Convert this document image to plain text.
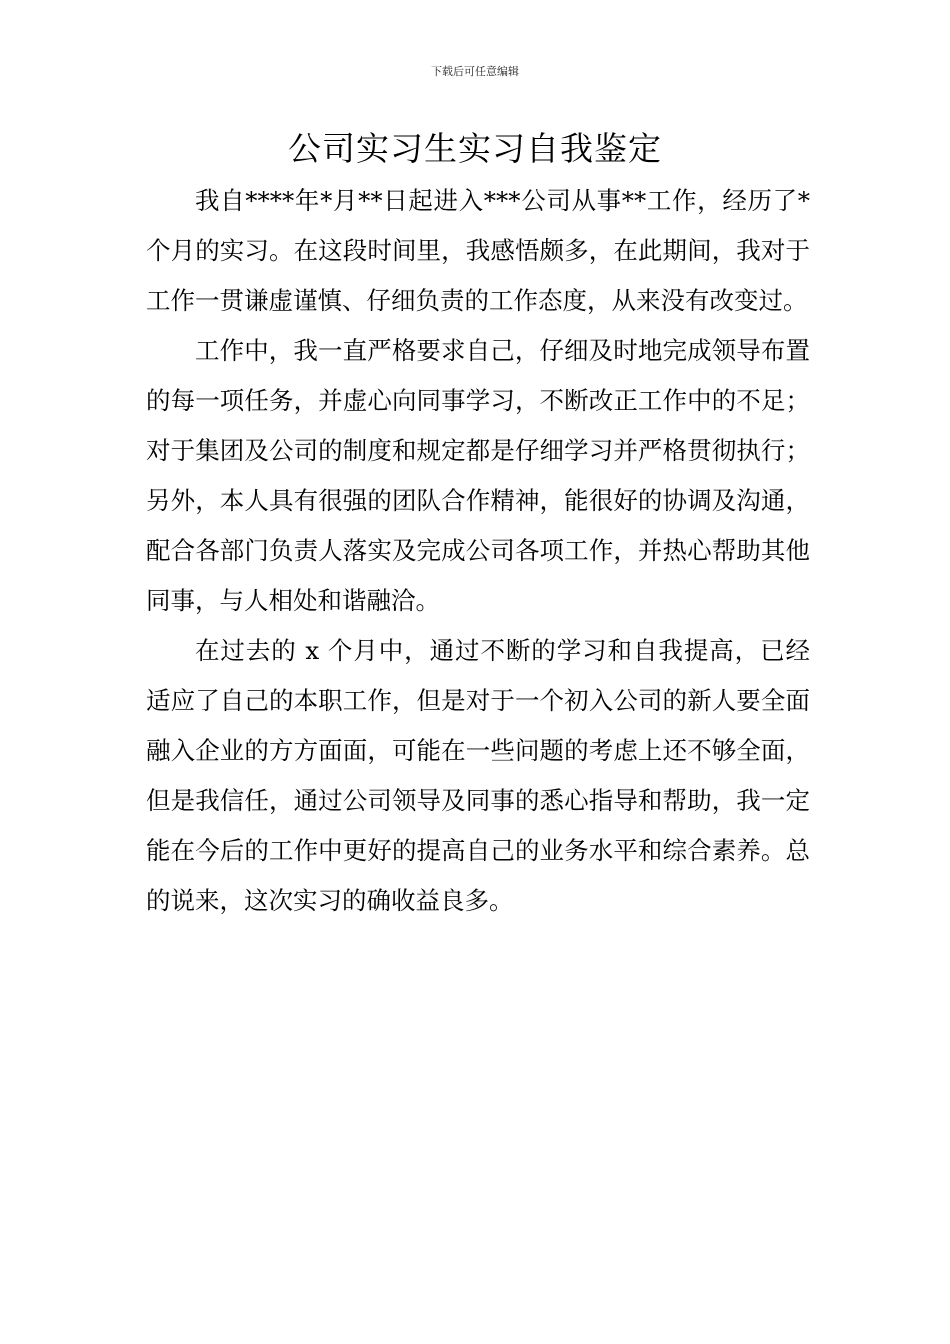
下载后可任意编辑
公司实习生实习自我鉴定

我自****年*月**日起进入***公司从事**工作，经历了*个月的实习。在这段时间里，我感悟颇多，在此期间，我对于工作一贯谦虚谨慎、仔细负责的工作态度，从来没有改变过。

工作中，我一直严格要求自己，仔细及时地完成领导布置的每一项任务，并虚心向同事学习，不断改正工作中的不足；对于集团及公司的制度和规定都是仔细学习并严格贯彻执行；另外，本人具有很强的团队合作精神，能很好的协调及沟通，配合各部门负责人落实及完成公司各项工作，并热心帮助其他同事，与人相处和谐融洽。

在过去的 x 个月中，通过不断的学习和自我提高，已经适应了自己的本职工作，但是对于一个初入公司的新人要全面融入企业的方方面面，可能在一些问题的考虑上还不够全面，但是我信任，通过公司领导及同事的悉心指导和帮助，我一定能在今后的工作中更好的提高自己的业务水平和综合素养。总的说来，这次实习的确收益良多。
